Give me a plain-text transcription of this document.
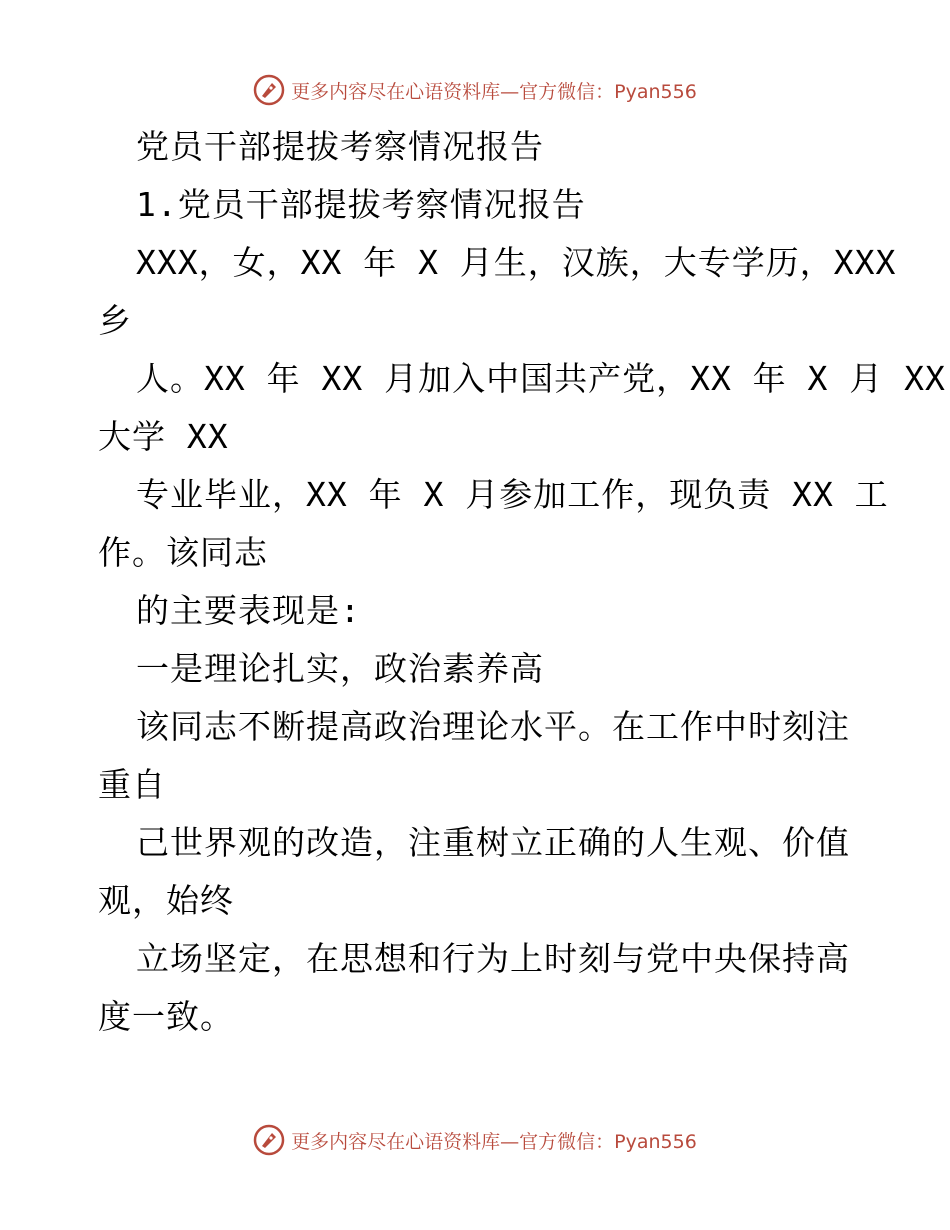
更多内容尽在心语资料库—官方微信：Pyan556
党员干部提拔考察情况报告
1.党员干部提拔考察情况报告
XXX，女，XX 年 X 月生，汉族，大专学历，XXX
乡
人。XX 年 XX 月加入中国共产党，XX 年 X 月 XX
大学 XX
专业毕业，XX 年 X 月参加工作，现负责 XX 工
作。该同志
的主要表现是:
一是理论扎实，政治素养高
该同志不断提高政治理论水平。在工作中时刻注
重自
己世界观的改造，注重树立正确的人生观、价值
观，始终
立场坚定，在思想和行为上时刻与党中央保持高
度一致。
更多内容尽在心语资料库—官方微信：Pyan556
